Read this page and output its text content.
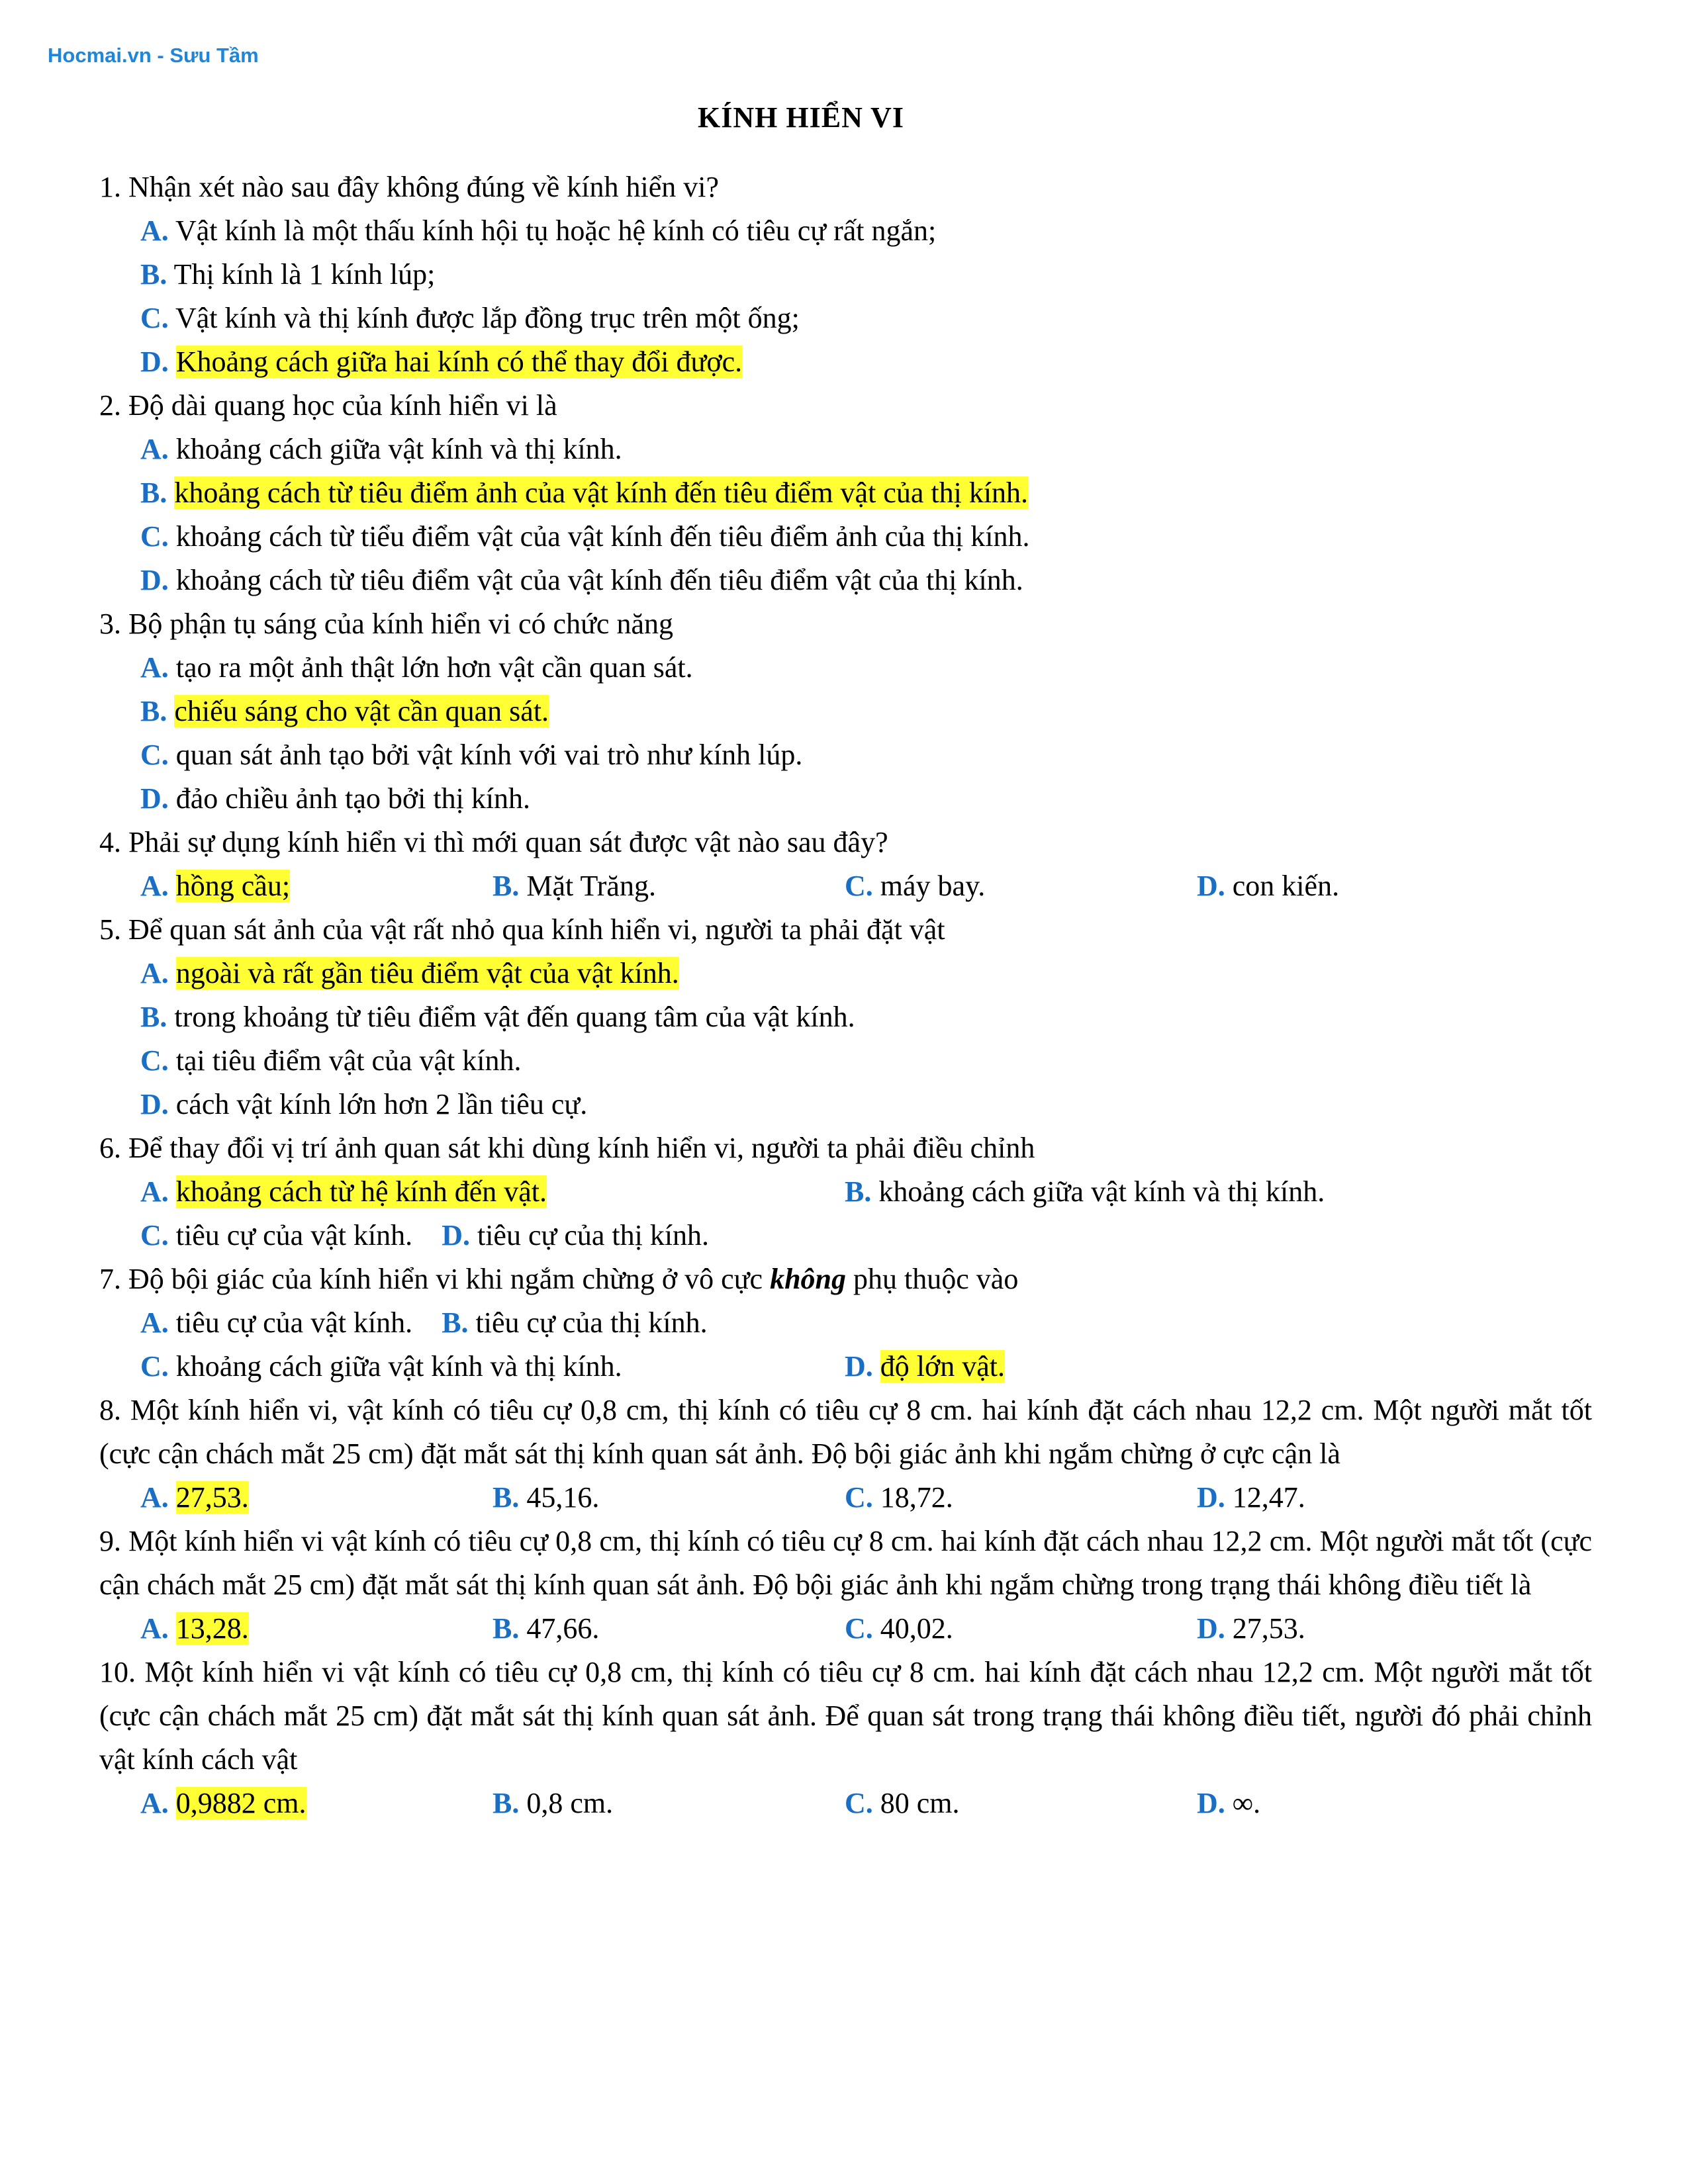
Hocmai.vn - Sưu Tầm
KÍNH HIỂN VI
1. Nhận xét nào sau đây không đúng về kính hiển vi?
A. Vật kính là một thấu kính hội tụ hoặc hệ kính có tiêu cự rất ngắn;
B. Thị kính là 1 kính lúp;
C. Vật kính và thị kính được lắp đồng trục trên một ống;
D. Khoảng cách giữa hai kính có thể thay đổi được.
2. Độ dài quang học của kính hiển vi là
A. khoảng cách giữa vật kính và thị kính.
B. khoảng cách từ tiêu điểm ảnh của vật kính đến tiêu điểm vật của thị kính.
C. khoảng cách từ tiểu điểm vật của vật kính đến tiêu điểm ảnh của thị kính.
D. khoảng cách từ tiêu điểm vật của vật kính đến tiêu điểm vật của thị kính.
3. Bộ phận tụ sáng của kính hiển vi có chức năng
A. tạo ra một ảnh thật lớn hơn vật cần quan sát.
B. chiếu sáng cho vật cần quan sát.
C. quan sát ảnh tạo bởi vật kính với vai trò như kính lúp.
D. đảo chiều ảnh tạo bởi thị kính.
4. Phải sự dụng kính hiển vi thì mới quan sát được vật nào sau đây?
A. hồng cầu;	B. Mặt Trăng.	C. máy bay.	D. con kiến.
5. Để quan sát ảnh của vật rất nhỏ qua kính hiển vi, người ta phải đặt vật
A. ngoài và rất gần tiêu điểm vật của vật kính.
B. trong khoảng từ tiêu điểm vật đến quang tâm của vật kính.
C. tại tiêu điểm vật của vật kính.
D. cách vật kính lớn hơn 2 lần tiêu cự.
6. Để thay đổi vị trí ảnh quan sát khi dùng kính hiển vi, người ta phải điều chỉnh
A. khoảng cách từ hệ kính đến vật.	B. khoảng cách giữa vật kính và thị kính.
C. tiêu cự của vật kính. D. tiêu cự của thị kính.
7. Độ bội giác của kính hiển vi khi ngắm chừng ở vô cực không phụ thuộc vào
A. tiêu cự của vật kính. B. tiêu cự của thị kính.
C. khoảng cách giữa vật kính và thị kính.	D. độ lớn vật.
8. Một kính hiển vi, vật kính có tiêu cự 0,8 cm, thị kính có tiêu cự 8 cm. hai kính đặt cách nhau 12,2 cm. Một người mắt tốt (cực cận chách mắt 25 cm) đặt mắt sát thị kính quan sát ảnh. Độ bội giác ảnh khi ngắm chừng ở cực cận là
A. 27,53.	B. 45,16.	C. 18,72.	D. 12,47.
9. Một kính hiển vi vật kính có tiêu cự 0,8 cm, thị kính có tiêu cự 8 cm. hai kính đặt cách nhau 12,2 cm. Một người mắt tốt (cực cận chách mắt 25 cm) đặt mắt sát thị kính quan sát ảnh. Độ bội giác ảnh khi ngắm chừng trong trạng thái không điều tiết là
A. 13,28.	B. 47,66.	C. 40,02.	D. 27,53.
10. Một kính hiển vi vật kính có tiêu cự 0,8 cm, thị kính có tiêu cự 8 cm. hai kính đặt cách nhau 12,2 cm. Một người mắt tốt (cực cận chách mắt 25 cm) đặt mắt sát thị kính quan sát ảnh. Để quan sát trong trạng thái không điều tiết, người đó phải chỉnh vật kính cách vật
A. 0,9882 cm.	B. 0,8 cm.	C. 80 cm.	D. ∞.
